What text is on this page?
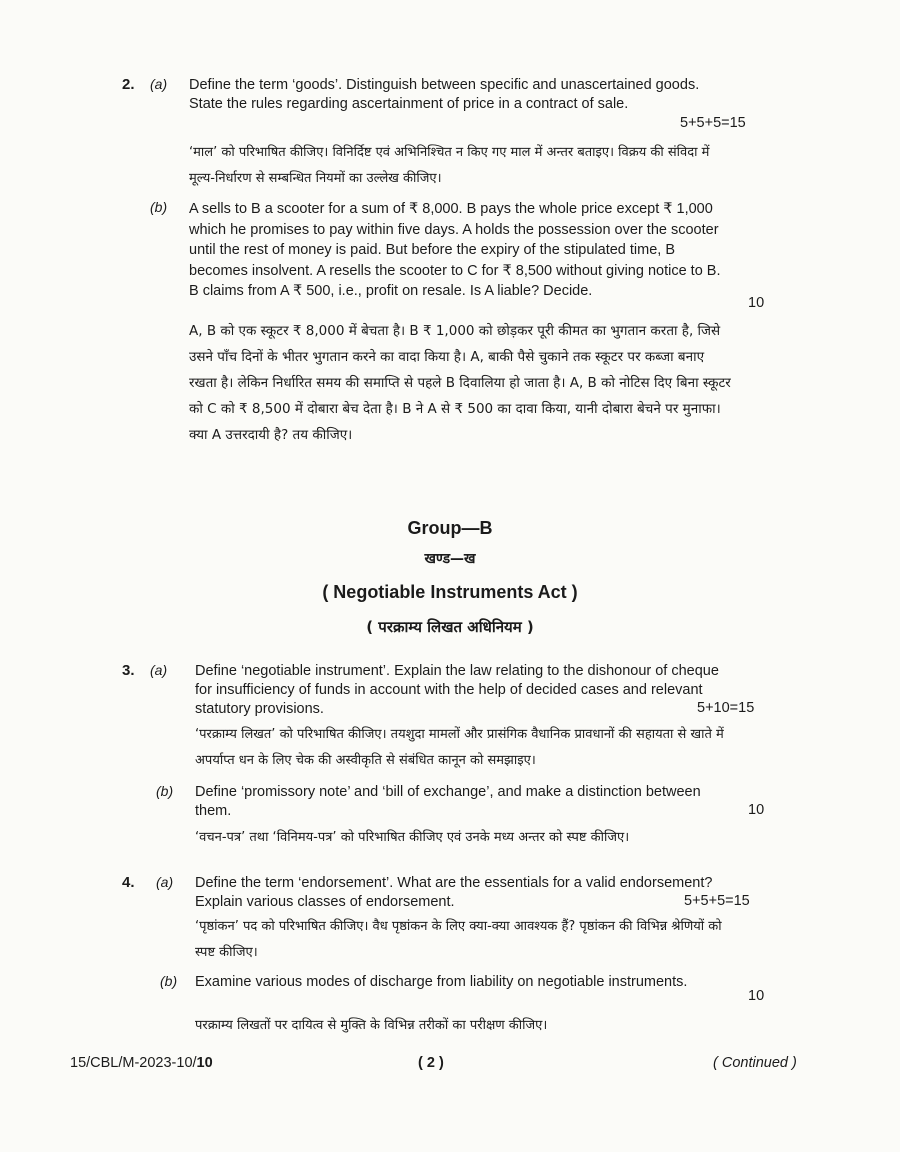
2. (a) Define the term ‘goods’. Distinguish between specific and unascertained goods. State the rules regarding ascertainment of price in a contract of sale.
5+5+5=15
‘माल’ को परिभाषित कीजिए। विनिर्दिष्ट एवं अभिनिश्चित न किए गए माल में अन्तर बताइए। विक्रय की संविदा में मूल्य-निर्धारण से सम्बन्धित नियमों का उल्लेख कीजिए।
(b) A sells to B a scooter for a sum of ₹ 8,000. B pays the whole price except ₹ 1,000 which he promises to pay within five days. A holds the possession over the scooter until the rest of money is paid. But before the expiry of the stipulated time, B becomes insolvent. A resells the scooter to C for ₹ 8,500 without giving notice to B. B claims from A ₹ 500, i.e., profit on resale. Is A liable? Decide.
10
A, B को एक स्कूटर ₹ 8,000 में बेचता है। B ₹ 1,000 को छोड़कर पूरी कीमत का भुगतान करता है, जिसे उसने पाँच दिनों के भीतर भुगतान करने का वादा किया है। A, बाकी पैसे चुकाने तक स्कूटर पर कब्जा बनाए रखता है। लेकिन निर्धारित समय की समाप्ति से पहले B दिवालिया हो जाता है। A, B को नोटिस दिए बिना स्कूटर को C को ₹ 8,500 में दोबारा बेच देता है। B ने A से ₹ 500 का दावा किया, यानी दोबारा बेचने पर मुनाफा। क्या A उत्तरदायी है? तय कीजिए।
Group—B
खण्ड—ख
( Negotiable Instruments Act )
( परक्राम्य लिखत अधिनियम )
3. (a) Define ‘negotiable instrument’. Explain the law relating to the dishonour of cheque for insufficiency of funds in account with the help of decided cases and relevant statutory provisions.	5+10=15
‘परक्राम्य लिखत’ को परिभाषित कीजिए। तयशुदा मामलों और प्रासंगिक वैधानिक प्रावधानों की सहायता से खाते में अपर्याप्त धन के लिए चेक की अस्वीकृति से संबंधित कानून को समझाइए।
(b) Define ‘promissory note’ and ‘bill of exchange’, and make a distinction between them.	10
‘वचन-पत्र’ तथा ‘विनिमय-पत्र’ को परिभाषित कीजिए एवं उनके मध्य अन्तर को स्पष्ट कीजिए।
4. (a) Define the term ‘endorsement’. What are the essentials for a valid endorsement? Explain various classes of endorsement.	5+5+5=15
‘पृष्ठांकन’ पद को परिभाषित कीजिए। वैध पृष्ठांकन के लिए क्या-क्या आवश्यक हैं? पृष्ठांकन की विभिन्न श्रेणियों को स्पष्ट कीजिए।
(b) Examine various modes of discharge from liability on negotiable instruments.
10
परक्राम्य लिखतों पर दायित्व से मुक्ति के विभिन्न तरीकों का परीक्षण कीजिए।
15/CBL/M-2023-10/10	( 2 )	( Continued )
